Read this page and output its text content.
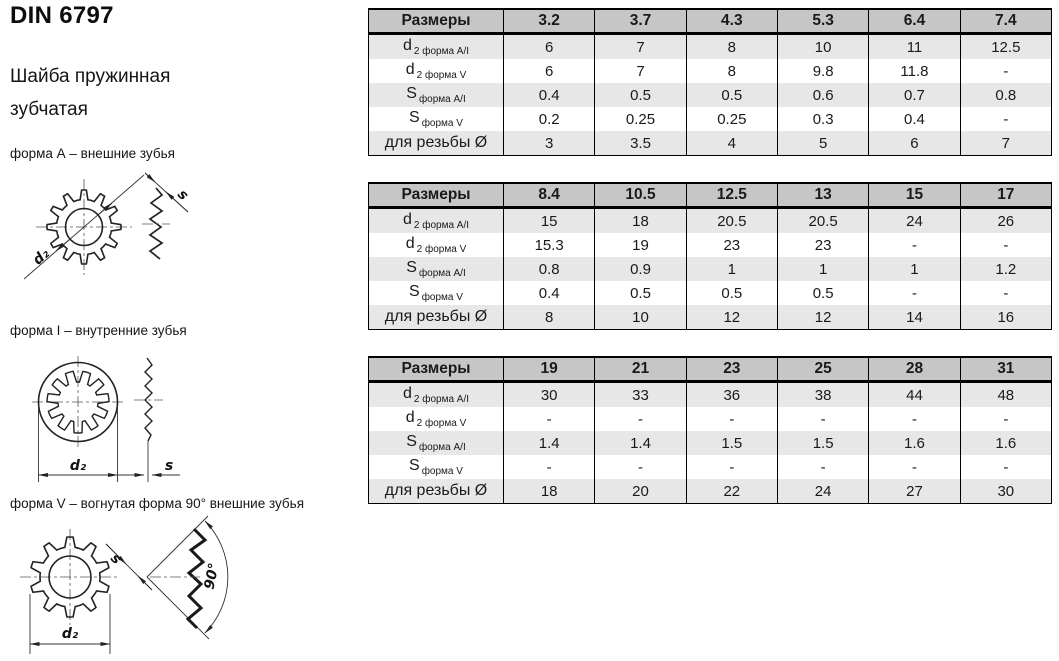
DIN 6797
Шайба пружинная
зубчатая
форма А – внешние зубья
d₂
s
форма I – внутренние зубья
d₂	s
форма V – вогнутая форма 90° внешние зубья
d₂
90°
s
Размеры	3.2	3.7	4.3	5.3	6.4	7.4
d $_{2 форма А/I}$	6	7	8	10	11	12.5
d $_{2 форма V}$	6	7	8	9.8	11.8	-
S $_{форма А/I}$	0.4	0.5	0.5	0.6	0.7	0.8
S $_{форма V}$	0.2	0.25	0.25	0.3	0.4	-
для резьбы Ø	3	3.5	4	5	6	7
Размеры	8.4	10.5	12.5	13	15	17
d $_{2 форма А/I}$	15	18	20.5	20.5	24	26
d $_{2 форма V}$	15.3	19	23	23	-	-
S $_{форма А/I}$	0.8	0.9	1	1	1	1.2
S $_{форма V}$	0.4	0.5	0.5	0.5	-	-
для резьбы Ø	8	10	12	12	14	16
Размеры	19	21	23	25	28	31
d $_{2 форма А/I}$	30	33	36	38	44	48
d $_{2 форма V}$	-	-	-	-	-	-
S $_{форма А/I}$	1.4	1.4	1.5	1.5	1.6	1.6
S $_{форма V}$	-	-	-	-	-	-
для резьбы Ø	18	20	22	24	27	30
